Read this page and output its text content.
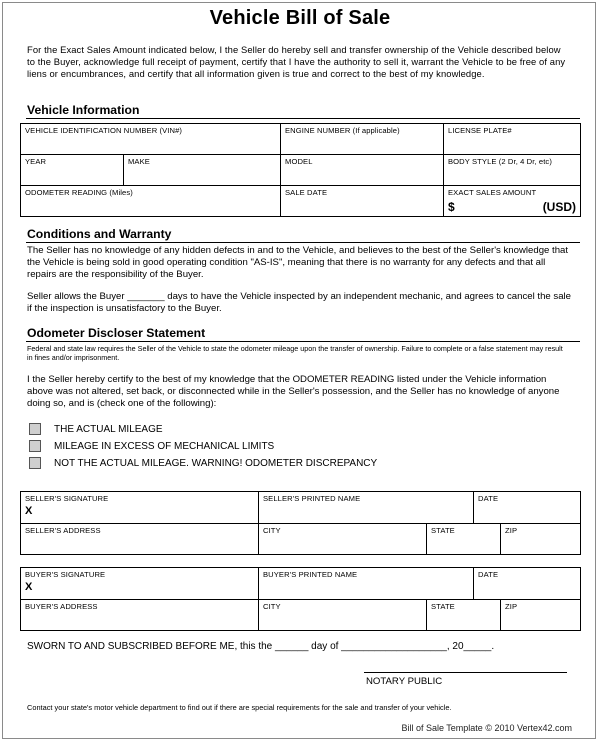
Vehicle Bill of Sale
For the Exact Sales Amount indicated below, I the Seller do hereby sell and transfer ownership of the Vehicle described below to the Buyer, acknowledge full receipt of payment, certify that I have the authority to sell it, warrant the Vehicle to be free of any liens or encumbrances, and certify that all information given is true and correct to the best of my knowledge.
Vehicle Information
VEHICLE IDENTIFICATION NUMBER (VIN#)		ENGINE NUMBER (If applicable)	LICENSE PLATE#

YEAR	MAKE	MODEL	BODY STYLE (2 Dr, 4 Dr, etc)

ODOMETER READING (Miles)		SALE DATE	EXACT SALES AMOUNT
$ (USD)
Conditions and Warranty
The Seller has no knowledge of any hidden defects in and to the Vehicle, and believes to the best of the Seller's knowledge that the Vehicle is being sold in good operating condition "AS-IS", meaning that there is no warranty for any defects and that all repairs are the responsibility of the Buyer.
Seller allows the Buyer _______ days to have the Vehicle inspected by an independent mechanic, and agrees to cancel the sale if the inspection is unsatisfactory to the Buyer.
Odometer Discloser Statement
Federal and state law requires the Seller of the Vehicle to state the odometer mileage upon the transfer of ownership. Failure to complete or a false statement may result in fines and/or imprisonment.
I the Seller hereby certify to the best of my knowledge that the ODOMETER READING listed under the Vehicle information above was not altered, set back, or disconnected while in the Seller's possession, and the Seller has no knowledge of anyone doing so, and is (check one of the following):
THE ACTUAL MILEAGE
MILEAGE IN EXCESS OF MECHANICAL LIMITS
NOT THE ACTUAL MILEAGE. WARNING! ODOMETER DISCREPANCY
SELLER'S SIGNATURE
X	SELLER'S PRINTED NAME		DATE	

SELLER'S ADDRESS	CITY	STATE		ZIP
BUYER'S SIGNATURE
X	BUYER'S PRINTED NAME		DATE	

BUYER'S ADDRESS	CITY	STATE		ZIP
SWORN TO AND SUBSCRIBED BEFORE ME, this the ______ day of ___________________, 20_____.
NOTARY PUBLIC
Contact your state's motor vehicle department to find out if there are special requirements for the sale and transfer of your vehicle.
Bill of Sale Template © 2010 Vertex42.com
